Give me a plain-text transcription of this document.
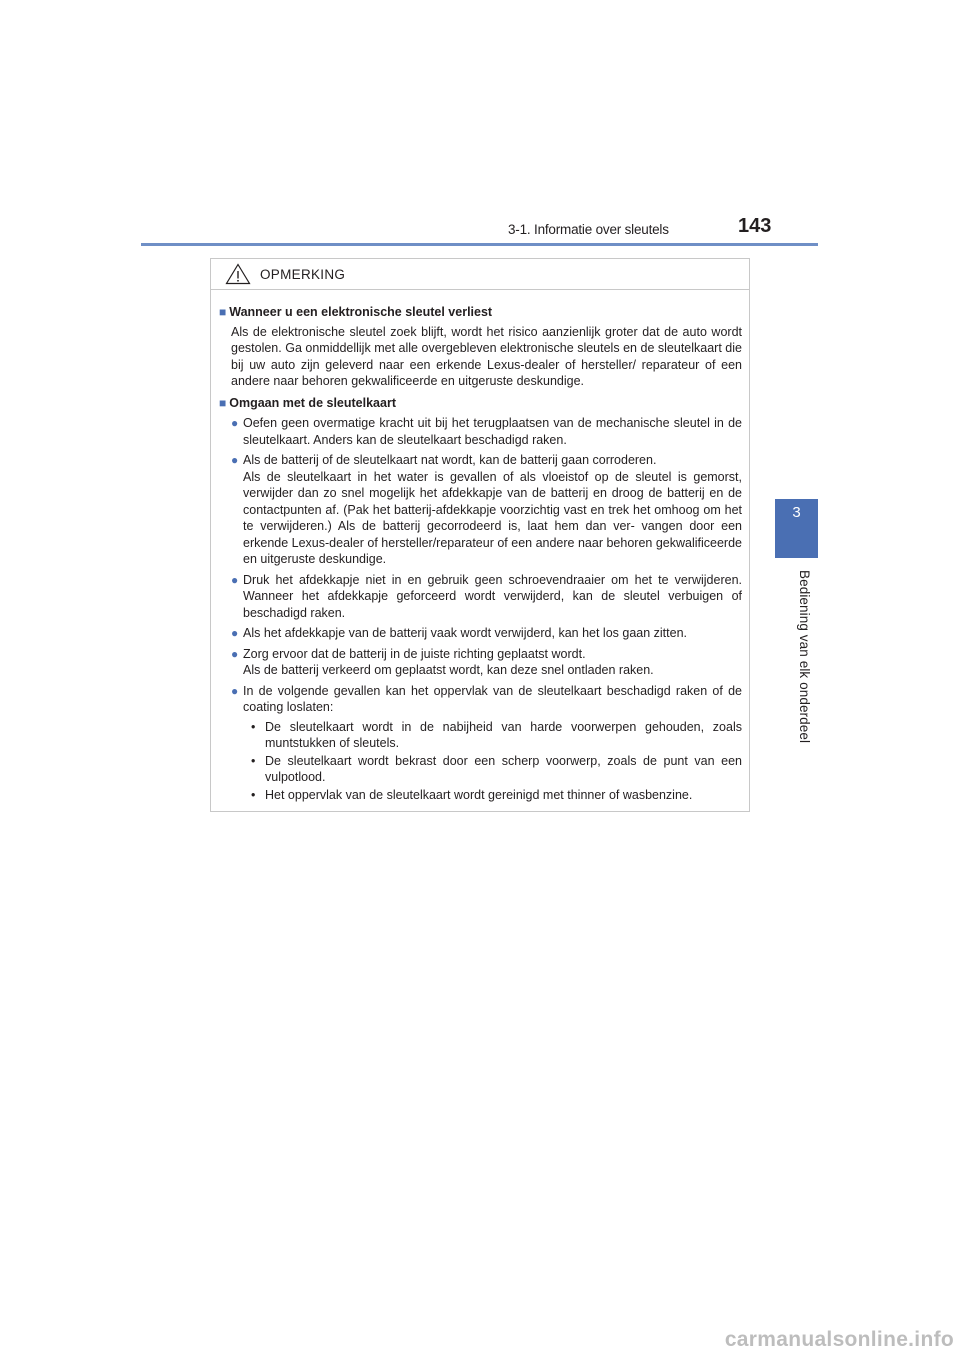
3-1. Informatie over sleutels	143
3
Bediening van elk onderdeel
OPMERKING
■ Wanneer u een elektronische sleutel verliest
Als de elektronische sleutel zoek blijft, wordt het risico aanzienlijk groter dat de auto wordt gestolen. Ga onmiddellijk met alle overgebleven elektronische sleutels en de sleutelkaart die bij uw auto zijn geleverd naar een erkende Lexus-dealer of hersteller/ reparateur of een andere naar behoren gekwalificeerde en uitgeruste deskundige.
■ Omgaan met de sleutelkaart
● Oefen geen overmatige kracht uit bij het terugplaatsen van de mechanische sleutel in de sleutelkaart. Anders kan de sleutelkaart beschadigd raken.
● Als de batterij of de sleutelkaart nat wordt, kan de batterij gaan corroderen.
Als de sleutelkaart in het water is gevallen of als vloeistof op de sleutel is gemorst, verwijder dan zo snel mogelijk het afdekkapje van de batterij en droog de batterij en de contactpunten af. (Pak het batterij-afdekkapje voorzichtig vast en trek het omhoog om het te verwijderen.) Als de batterij gecorrodeerd is, laat hem dan ver- vangen door een erkende Lexus-dealer of hersteller/reparateur of een andere naar behoren gekwalificeerde en uitgeruste deskundige.
● Druk het afdekkapje niet in en gebruik geen schroevendraaier om het te verwijderen. Wanneer het afdekkapje geforceerd wordt verwijderd, kan de sleutel verbuigen of beschadigd raken.
● Als het afdekkapje van de batterij vaak wordt verwijderd, kan het los gaan zitten.
● Zorg ervoor dat de batterij in de juiste richting geplaatst wordt.
Als de batterij verkeerd om geplaatst wordt, kan deze snel ontladen raken.
● In de volgende gevallen kan het oppervlak van de sleutelkaart beschadigd raken of de coating loslaten:
• De sleutelkaart wordt in de nabijheid van harde voorwerpen gehouden, zoals muntstukken of sleutels.
• De sleutelkaart wordt bekrast door een scherp voorwerp, zoals de punt van een vulpotlood.
• Het oppervlak van de sleutelkaart wordt gereinigd met thinner of wasbenzine.
carmanualsonline.info
